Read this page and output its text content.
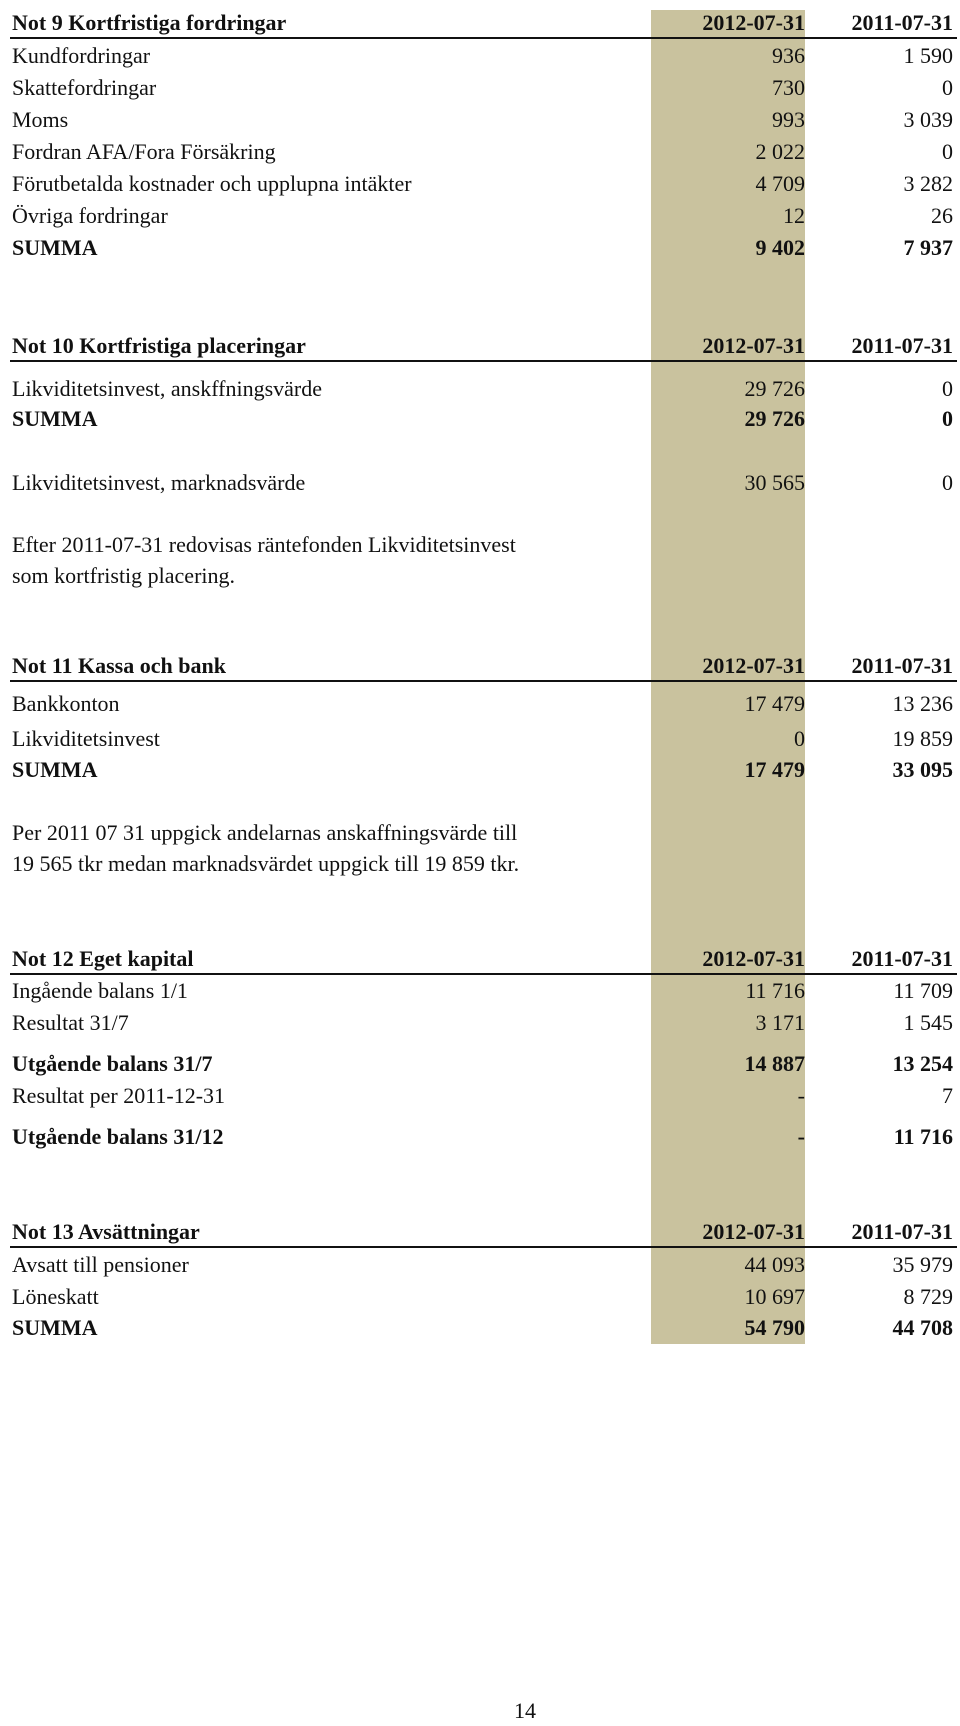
Not 9 Kortfristiga fordringar	2012-07-31	2011-07-31
Kundfordringar	936	1 590
Skattefordringar	730	0
Moms	993	3 039
Fordran AFA/Fora Försäkring	2 022	0
Förutbetalda kostnader och upplupna intäkter	4 709	3 282
Övriga fordringar	12	26
SUMMA	9 402	7 937
Not 10 Kortfristiga placeringar	2012-07-31	2011-07-31
Likviditetsinvest, anskffningsvärde	29 726	0
SUMMA	29 726	0
Likviditetsinvest, marknadsvärde	30 565	0
Efter 2011-07-31 redovisas räntefonden Likviditetsinvest
som kortfristig placering.
Not 11 Kassa och bank	2012-07-31	2011-07-31
Bankkonton	17 479	13 236
Likviditetsinvest	0	19 859
SUMMA	17 479	33 095
Per 2011 07 31 uppgick andelarnas anskaffningsvärde till
19 565 tkr medan marknadsvärdet uppgick till 19 859 tkr.
Not 12 Eget kapital	2012-07-31	2011-07-31
Ingående balans 1/1	11 716	11 709
Resultat 31/7	3 171	1 545
Utgående balans 31/7	14 887	13 254
Resultat per 2011-12-31	-	7
Utgående balans 31/12	-	11 716
Not 13 Avsättningar	2012-07-31	2011-07-31
Avsatt till pensioner	44 093	35 979
Löneskatt	10 697	8 729
SUMMA	54 790	44 708
14
